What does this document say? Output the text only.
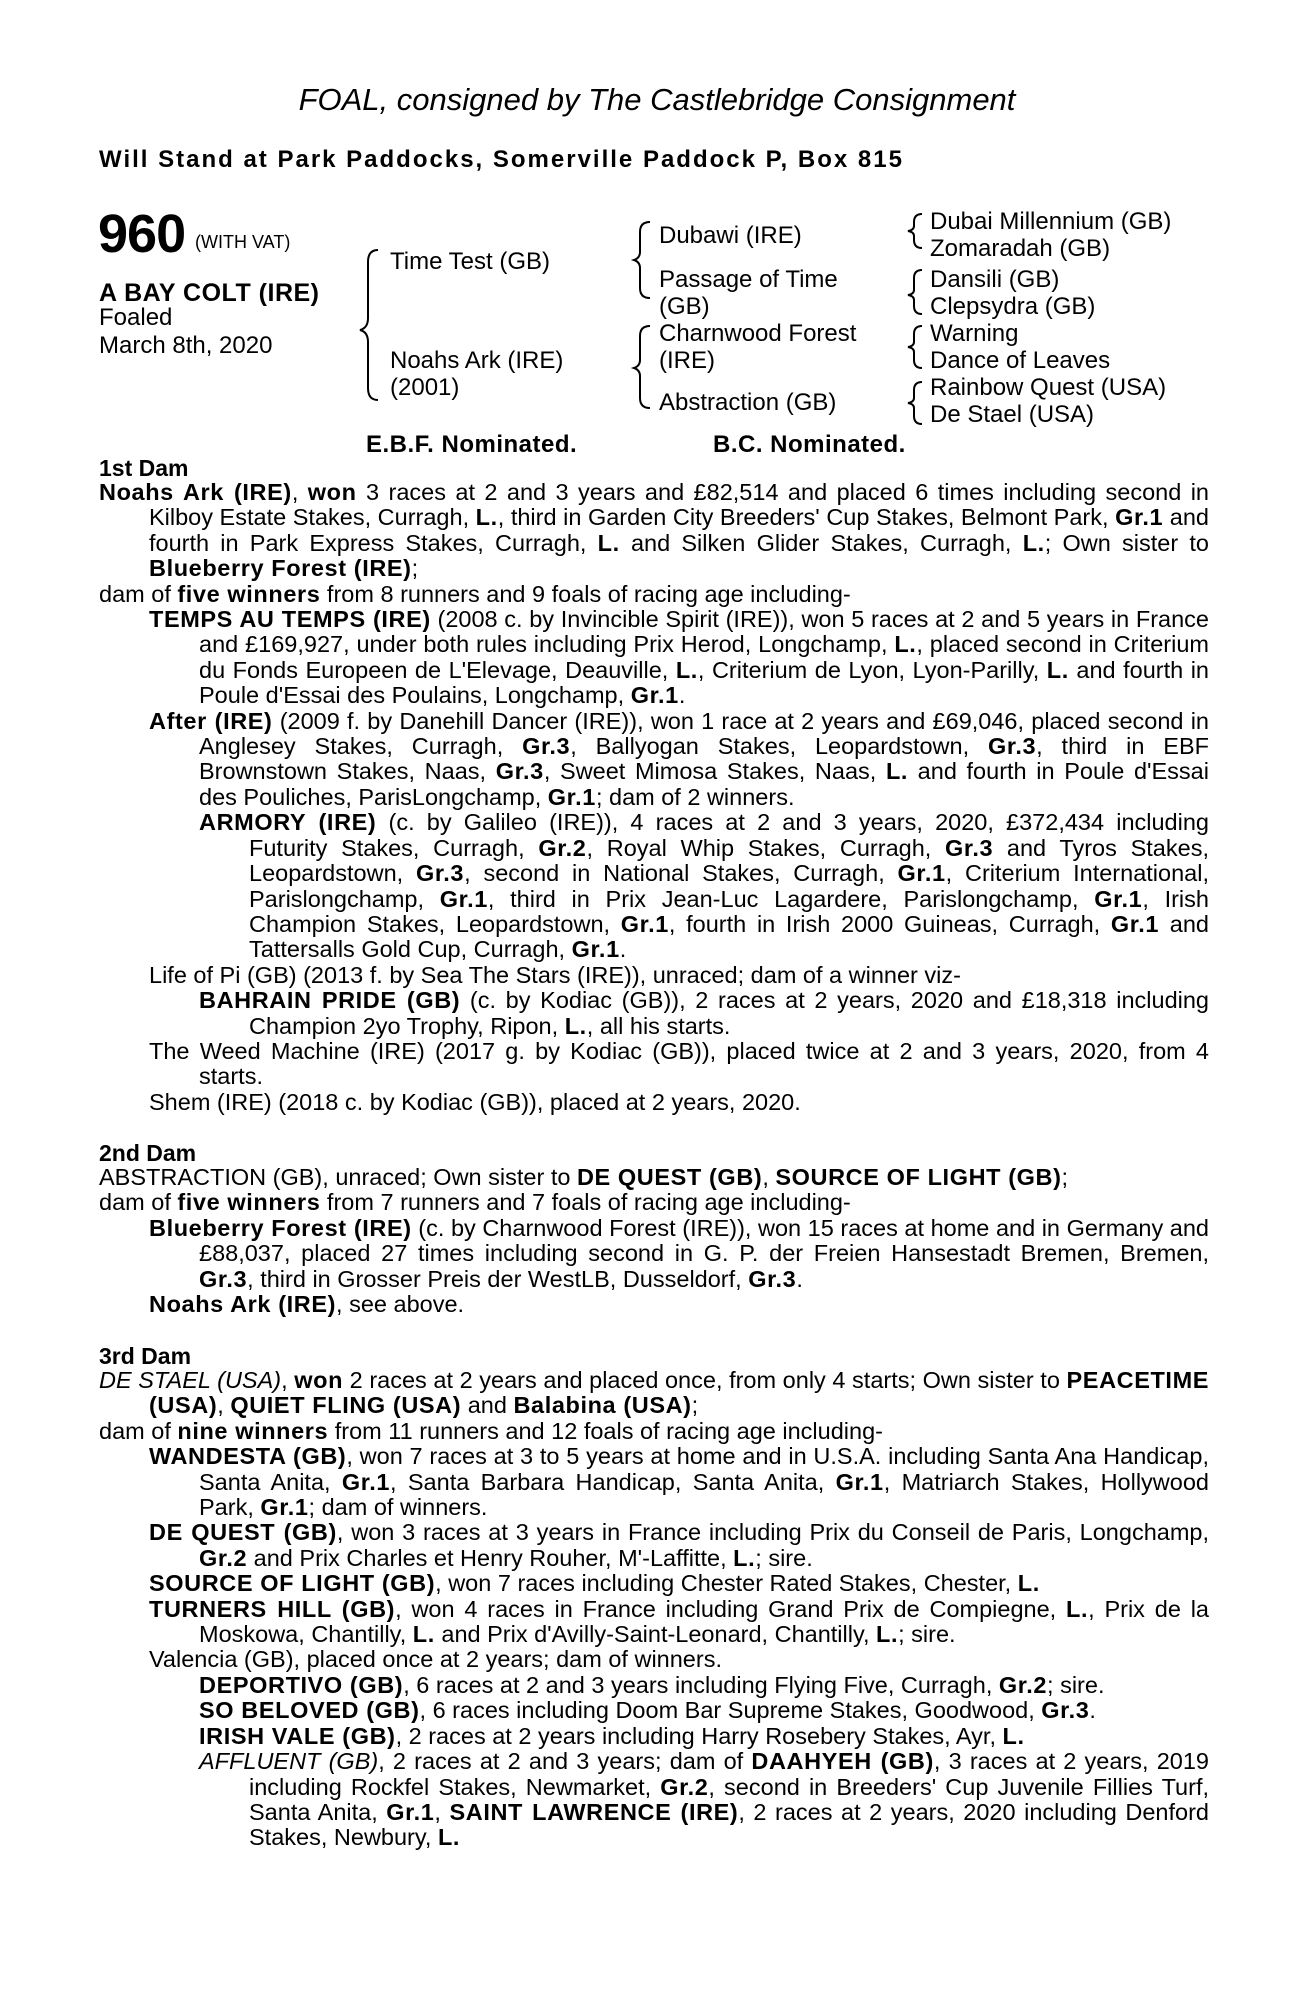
FOAL, consigned by The Castlebridge Consignment
Will Stand at Park Paddocks, Somerville Paddock P, Box 815
960 (WITH VAT)
A BAY COLT (IRE)
Foaled
March 8th, 2020
Time Test (GB)
Noahs Ark (IRE)
(2001)
Dubawi (IRE)
Passage of Time
(GB)
Charnwood Forest
(IRE)
Abstraction (GB)
Dubai Millennium (GB)
Zomaradah (GB)
Dansili (GB)
Clepsydra (GB)
Warning
Dance of Leaves
Rainbow Quest (USA)
De Stael (USA)
E.B.F. Nominated.	B.C. Nominated.
1st Dam

Noahs Ark (IRE), won 3 races at 2 and 3 years and £82,514 and placed 6 times including second in Kilboy Estate Stakes, Curragh, L., third in Garden City Breeders' Cup Stakes, Belmont Park, Gr.1 and fourth in Park Express Stakes, Curragh, L. and Silken Glider Stakes, Curragh, L.; Own sister to Blueberry Forest (IRE);

dam of five winners from 8 runners and 9 foals of racing age including-

TEMPS AU TEMPS (IRE) (2008 c. by Invincible Spirit (IRE)), won 5 races at 2 and 5 years in France and £169,927, under both rules including Prix Herod, Longchamp, L., placed second in Criterium du Fonds Europeen de L'Elevage, Deauville, L., Criterium de Lyon, Lyon-Parilly, L. and fourth in Poule d'Essai des Poulains, Longchamp, Gr.1.

After (IRE) (2009 f. by Danehill Dancer (IRE)), won 1 race at 2 years and £69,046, placed second in Anglesey Stakes, Curragh, Gr.3, Ballyogan Stakes, Leopardstown, Gr.3, third in EBF Brownstown Stakes, Naas, Gr.3, Sweet Mimosa Stakes, Naas, L. and fourth in Poule d'Essai des Pouliches, ParisLongchamp, Gr.1; dam of 2 winners.

ARMORY (IRE) (c. by Galileo (IRE)), 4 races at 2 and 3 years, 2020, £372,434 including Futurity Stakes, Curragh, Gr.2, Royal Whip Stakes, Curragh, Gr.3 and Tyros Stakes, Leopardstown, Gr.3, second in National Stakes, Curragh, Gr.1, Criterium International, Parislongchamp, Gr.1, third in Prix Jean-Luc Lagardere, Parislongchamp, Gr.1, Irish Champion Stakes, Leopardstown, Gr.1, fourth in Irish 2000 Guineas, Curragh, Gr.1 and Tattersalls Gold Cup, Curragh, Gr.1.

Life of Pi (GB) (2013 f. by Sea The Stars (IRE)), unraced; dam of a winner viz-

BAHRAIN PRIDE (GB) (c. by Kodiac (GB)), 2 races at 2 years, 2020 and £18,318 including Champion 2yo Trophy, Ripon, L., all his starts.

The Weed Machine (IRE) (2017 g. by Kodiac (GB)), placed twice at 2 and 3 years, 2020, from 4 starts.

Shem (IRE) (2018 c. by Kodiac (GB)), placed at 2 years, 2020.

2nd Dam

ABSTRACTION (GB), unraced; Own sister to DE QUEST (GB), SOURCE OF LIGHT (GB);

dam of five winners from 7 runners and 7 foals of racing age including-

Blueberry Forest (IRE) (c. by Charnwood Forest (IRE)), won 15 races at home and in Germany and £88,037, placed 27 times including second in G. P. der Freien Hansestadt Bremen, Bremen, Gr.3, third in Grosser Preis der WestLB, Dusseldorf, Gr.3.

Noahs Ark (IRE), see above.

3rd Dam

DE STAEL (USA), won 2 races at 2 years and placed once, from only 4 starts; Own sister to PEACETIME (USA), QUIET FLING (USA) and Balabina (USA);

dam of nine winners from 11 runners and 12 foals of racing age including-

WANDESTA (GB), won 7 races at 3 to 5 years at home and in U.S.A. including Santa Ana Handicap, Santa Anita, Gr.1, Santa Barbara Handicap, Santa Anita, Gr.1, Matriarch Stakes, Hollywood Park, Gr.1; dam of winners.

DE QUEST (GB), won 3 races at 3 years in France including Prix du Conseil de Paris, Longchamp, Gr.2 and Prix Charles et Henry Rouher, M'-Laffitte, L.; sire.

SOURCE OF LIGHT (GB), won 7 races including Chester Rated Stakes, Chester, L.

TURNERS HILL (GB), won 4 races in France including Grand Prix de Compiegne, L., Prix de la Moskowa, Chantilly, L. and Prix d'Avilly-Saint-Leonard, Chantilly, L.; sire.

Valencia (GB), placed once at 2 years; dam of winners.

DEPORTIVO (GB), 6 races at 2 and 3 years including Flying Five, Curragh, Gr.2; sire.

SO BELOVED (GB), 6 races including Doom Bar Supreme Stakes, Goodwood, Gr.3.

IRISH VALE (GB), 2 races at 2 years including Harry Rosebery Stakes, Ayr, L.

AFFLUENT (GB), 2 races at 2 and 3 years; dam of DAAHYEH (GB), 3 races at 2 years, 2019 including Rockfel Stakes, Newmarket, Gr.2, second in Breeders' Cup Juvenile Fillies Turf, Santa Anita, Gr.1, SAINT LAWRENCE (IRE), 2 races at 2 years, 2020 including Denford Stakes, Newbury, L.
